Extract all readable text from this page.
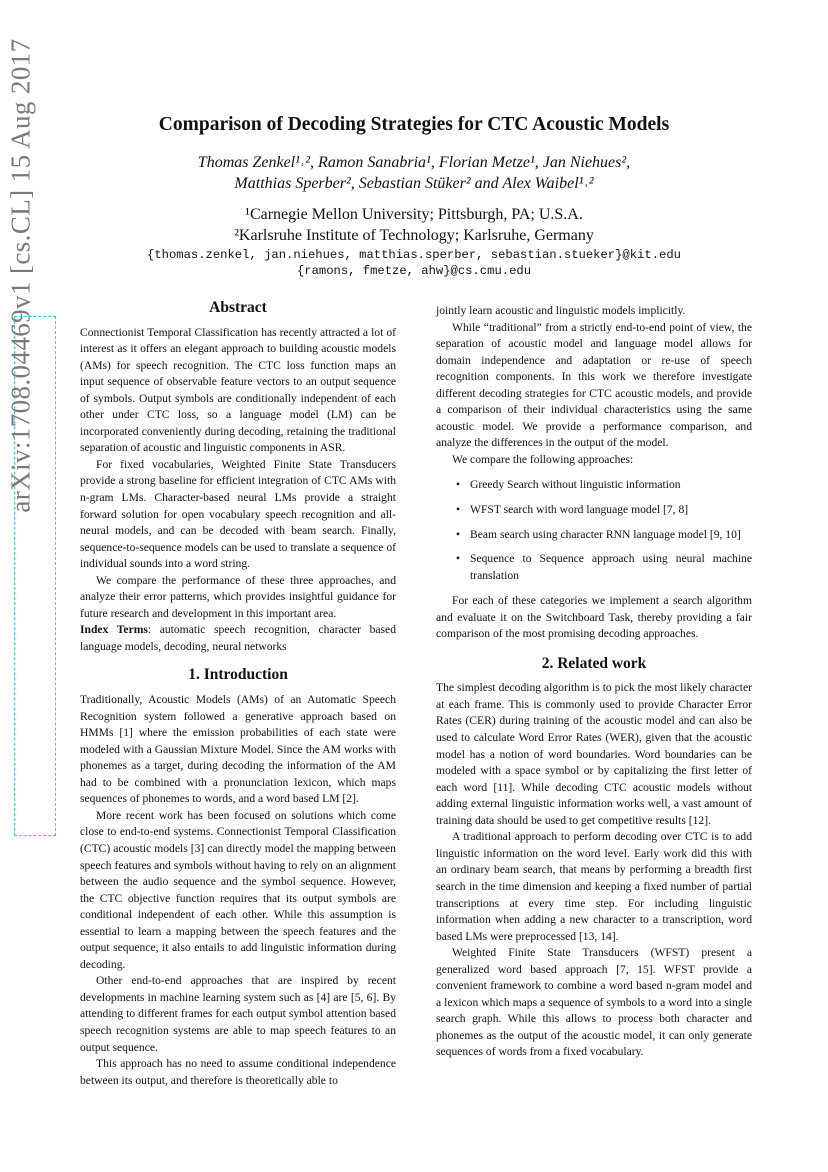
arXiv:1708.04469v1 [cs.CL] 15 Aug 2017	Comparison of Decoding Strategies for CTC Acoustic Models
Thomas Zenkel¹˒², Ramon Sanabria¹, Florian Metze¹, Jan Niehues²,
Matthias Sperber², Sebastian Stüker² and Alex Waibel¹˒²
¹Carnegie Mellon University; Pittsburgh, PA; U.S.A.
²Karlsruhe Institute of Technology; Karlsruhe, Germany
{thomas.zenkel, jan.niehues, matthias.sperber, sebastian.stueker}@kit.edu
{ramons, fmetze, ahw}@cs.cmu.edu

Abstract

Connectionist Temporal Classification has recently attracted a lot of interest as it offers an elegant approach to building acoustic models (AMs) for speech recognition. The CTC loss function maps an input sequence of observable feature vectors to an output sequence of symbols. Output symbols are conditionally independent of each other under CTC loss, so a language model (LM) can be incorporated conveniently during decoding, retaining the traditional separation of acoustic and linguistic components in ASR.

For fixed vocabularies, Weighted Finite State Transducers provide a strong baseline for efficient integration of CTC AMs with n-gram LMs. Character-based neural LMs provide a straight forward solution for open vocabulary speech recognition and all-neural models, and can be decoded with beam search. Finally, sequence-to-sequence models can be used to translate a sequence of individual sounds into a word string.

We compare the performance of these three approaches, and analyze their error patterns, which provides insightful guidance for future research and development in this important area.

Index Terms: automatic speech recognition, character based language models, decoding, neural networks

1. Introduction

Traditionally, Acoustic Models (AMs) of an Automatic Speech Recognition system followed a generative approach based on HMMs [1] where the emission probabilities of each state were modeled with a Gaussian Mixture Model. Since the AM works with phonemes as a target, during decoding the information of the AM had to be combined with a pronunciation lexicon, which maps sequences of phonemes to words, and a word based LM [2].

More recent work has been focused on solutions which come close to end-to-end systems. Connectionist Temporal Classification (CTC) acoustic models [3] can directly model the mapping between speech features and symbols without having to rely on an alignment between the audio sequence and the symbol sequence. However, the CTC objective function requires that its output symbols are conditional independent of each other. While this assumption is essential to learn a mapping between the speech features and the output sequence, it also entails to add linguistic information during decoding.

Other end-to-end approaches that are inspired by recent developments in machine learning system such as [4] are [5, 6]. By attending to different frames for each output symbol attention based speech recognition systems are able to map speech features to an output sequence.

This approach has no need to assume conditional independence between its output, and therefore is theoretically able to

jointly learn acoustic and linguistic models implicitly.

While “traditional” from a strictly end-to-end point of view, the separation of acoustic model and language model allows for domain independence and adaptation or re-use of speech recognition components. In this work we therefore investigate different decoding strategies for CTC acoustic models, and provide a comparison of their individual characteristics using the same acoustic model. We provide a performance comparison, and analyze the differences in the output of the model.

We compare the following approaches:

• Greedy Search without linguistic information
• WFST search with word language model [7, 8]
• Beam search using character RNN language model [9, 10]
• Sequence to Sequence approach using neural machine translation

For each of these categories we implement a search algorithm and evaluate it on the Switchboard Task, thereby providing a fair comparison of the most promising decoding approaches.

2. Related work

The simplest decoding algorithm is to pick the most likely character at each frame. This is commonly used to provide Character Error Rates (CER) during training of the acoustic model and can also be used to calculate Word Error Rates (WER), given that the acoustic model has a notion of word boundaries. Word boundaries can be modeled with a space symbol or by capitalizing the first letter of each word [11]. While decoding CTC acoustic models without adding external linguistic information works well, a vast amount of training data should be used to get competitive results [12].

A traditional approach to perform decoding over CTC is to add linguistic information on the word level. Early work did this with an ordinary beam search, that means by performing a breadth first search in the time dimension and keeping a fixed number of partial transcriptions at every time step. For including linguistic information when adding a new character to a transcription, word based LMs were preprocessed [13, 14].

Weighted Finite State Transducers (WFST) present a generalized word based approach [7, 15]. WFST provide a convenient framework to combine a word based n-gram model and a lexicon which maps a sequence of symbols to a word into a single search graph. While this allows to process both character and phonemes as the output of the acoustic model, it can only generate sequences of words from a fixed vocabulary.
